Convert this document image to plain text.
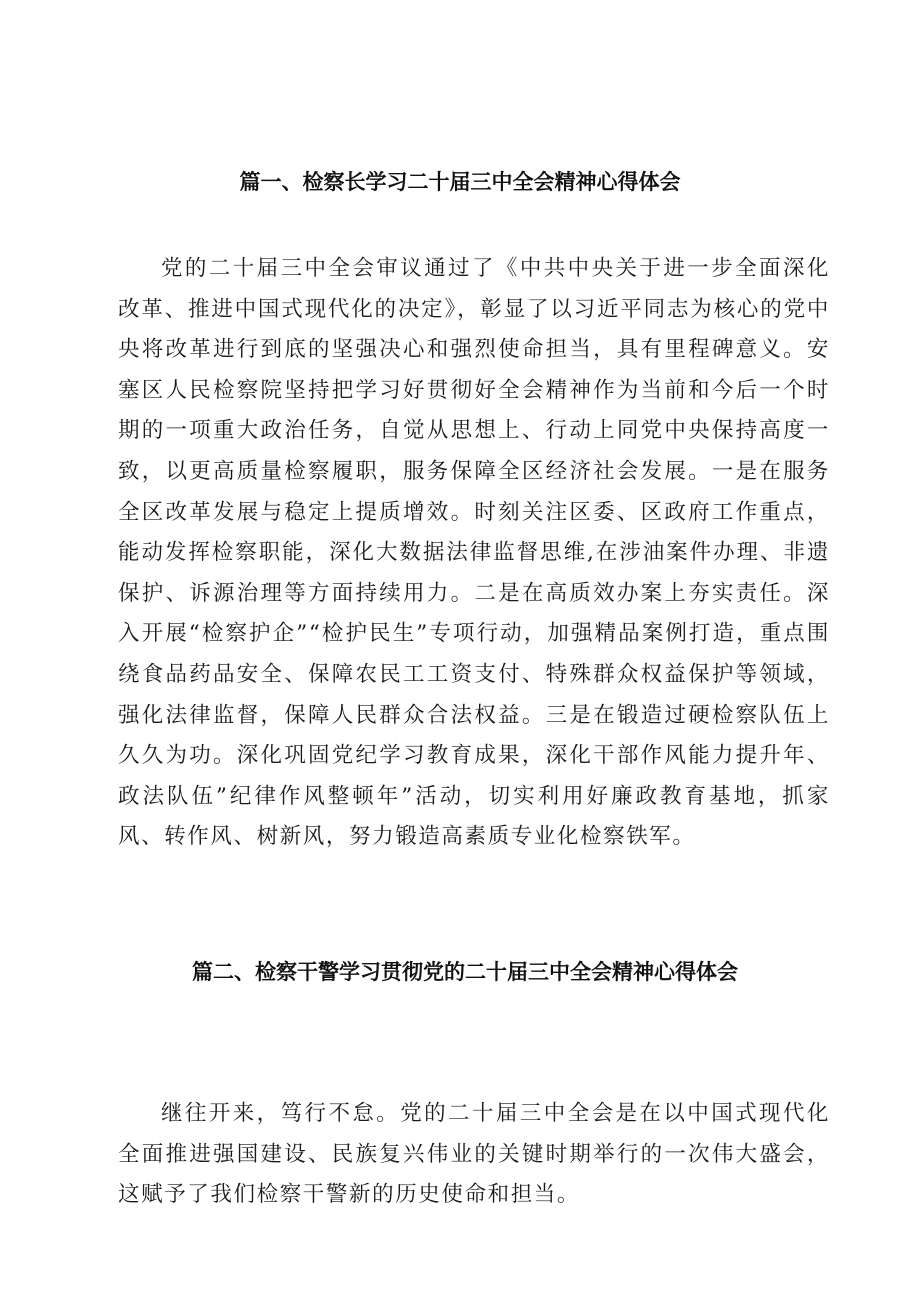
篇一、检察长学习二十届三中全会精神心得体会

党的二十届三中全会审议通过了《中共中央关于进一步全面深化改革、推进中国式现代化的决定》，彰显了以习近平同志为核心的党中央将改革进行到底的坚强决心和强烈使命担当，具有里程碑意义。安塞区人民检察院坚持把学习好贯彻好全会精神作为当前和今后一个时期的一项重大政治任务，自觉从思想上、行动上同党中央保持高度一致，以更高质量检察履职，服务保障全区经济社会发展。一是在服务全区改革发展与稳定上提质增效。时刻关注区委、区政府工作重点，能动发挥检察职能，深化大数据法律监督思维,在涉油案件办理、非遗保护、诉源治理等方面持续用力。二是在高质效办案上夯实责任。深入开展“检察护企”“检护民生”专项行动，加强精品案例打造，重点围绕食品药品安全、保障农民工工资支付、特殊群众权益保护等领域，强化法律监督，保障人民群众合法权益。三是在锻造过硬检察队伍上久久为功。深化巩固党纪学习教育成果，深化干部作风能力提升年、政法队伍”纪律作风整顿年”活动，切实利用好廉政教育基地，抓家风、转作风、树新风，努力锻造高素质专业化检察铁军。

篇二、检察干警学习贯彻党的二十届三中全会精神心得体会

继往开来，笃行不怠。党的二十届三中全会是在以中国式现代化全面推进强国建设、民族复兴伟业的关键时期举行的一次伟大盛会，这赋予了我们检察干警新的历史使命和担当。
